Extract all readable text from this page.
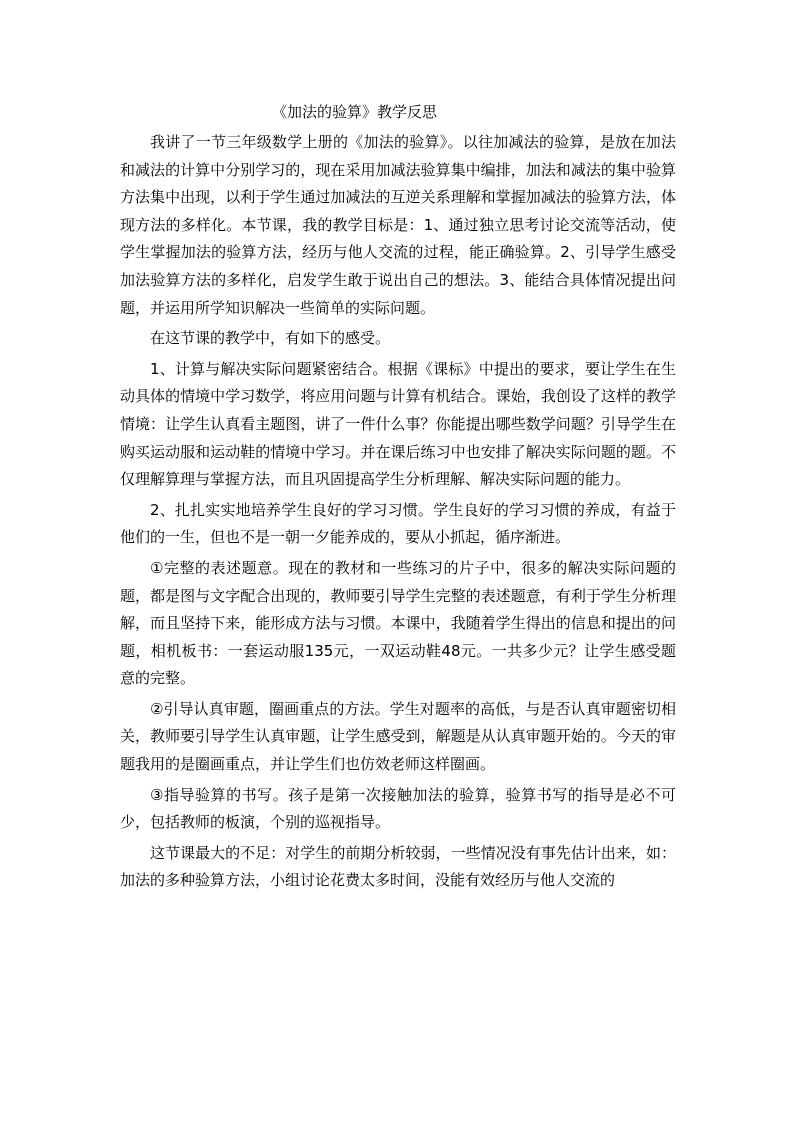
《加法的验算》教学反思

我讲了一节三年级数学上册的《加法的验算》。以往加减法的验算，是放在加法和减法的计算中分别学习的，现在采用加减法验算集中编排，加法和减法的集中验算方法集中出现，以利于学生通过加减法的互逆关系理解和掌握加减法的验算方法，体现方法的多样化。本节课，我的教学目标是：1、通过独立思考讨论交流等活动，使学生掌握加法的验算方法，经历与他人交流的过程，能正确验算。2、引导学生感受加法验算方法的多样化，启发学生敢于说出自己的想法。3、能结合具体情况提出问题，并运用所学知识解决一些简单的实际问题。

在这节课的教学中，有如下的感受。

1、计算与解决实际问题紧密结合。根据《课标》中提出的要求，要让学生在生动具体的情境中学习数学，将应用问题与计算有机结合。课始，我创设了这样的教学情境：让学生认真看主题图，讲了一件什么事？你能提出哪些数学问题？引导学生在购买运动服和运动鞋的情境中学习。并在课后练习中也安排了解决实际问题的题。不仅理解算理与掌握方法，而且巩固提高学生分析理解、解决实际问题的能力。

2、扎扎实实地培养学生良好的学习习惯。学生良好的学习习惯的养成，有益于他们的一生，但也不是一朝一夕能养成的，要从小抓起，循序渐进。

①完整的表述题意。现在的教材和一些练习的片子中，很多的解决实际问题的题，都是图与文字配合出现的，教师要引导学生完整的表述题意，有利于学生分析理解，而且坚持下来，能形成方法与习惯。本课中，我随着学生得出的信息和提出的问题，相机板书：一套运动服135元，一双运动鞋48元。一共多少元？让学生感受题意的完整。

②引导认真审题，圈画重点的方法。学生对题率的高低，与是否认真审题密切相关，教师要引导学生认真审题，让学生感受到，解题是从认真审题开始的。今天的审题我用的是圈画重点，并让学生们也仿效老师这样圈画。

③指导验算的书写。孩子是第一次接触加法的验算，验算书写的指导是必不可少，包括教师的板演，个别的巡视指导。

这节课最大的不足：对学生的前期分析较弱，一些情况没有事先估计出来，如：加法的多种验算方法，小组讨论花费太多时间，没能有效经历与他人交流的
